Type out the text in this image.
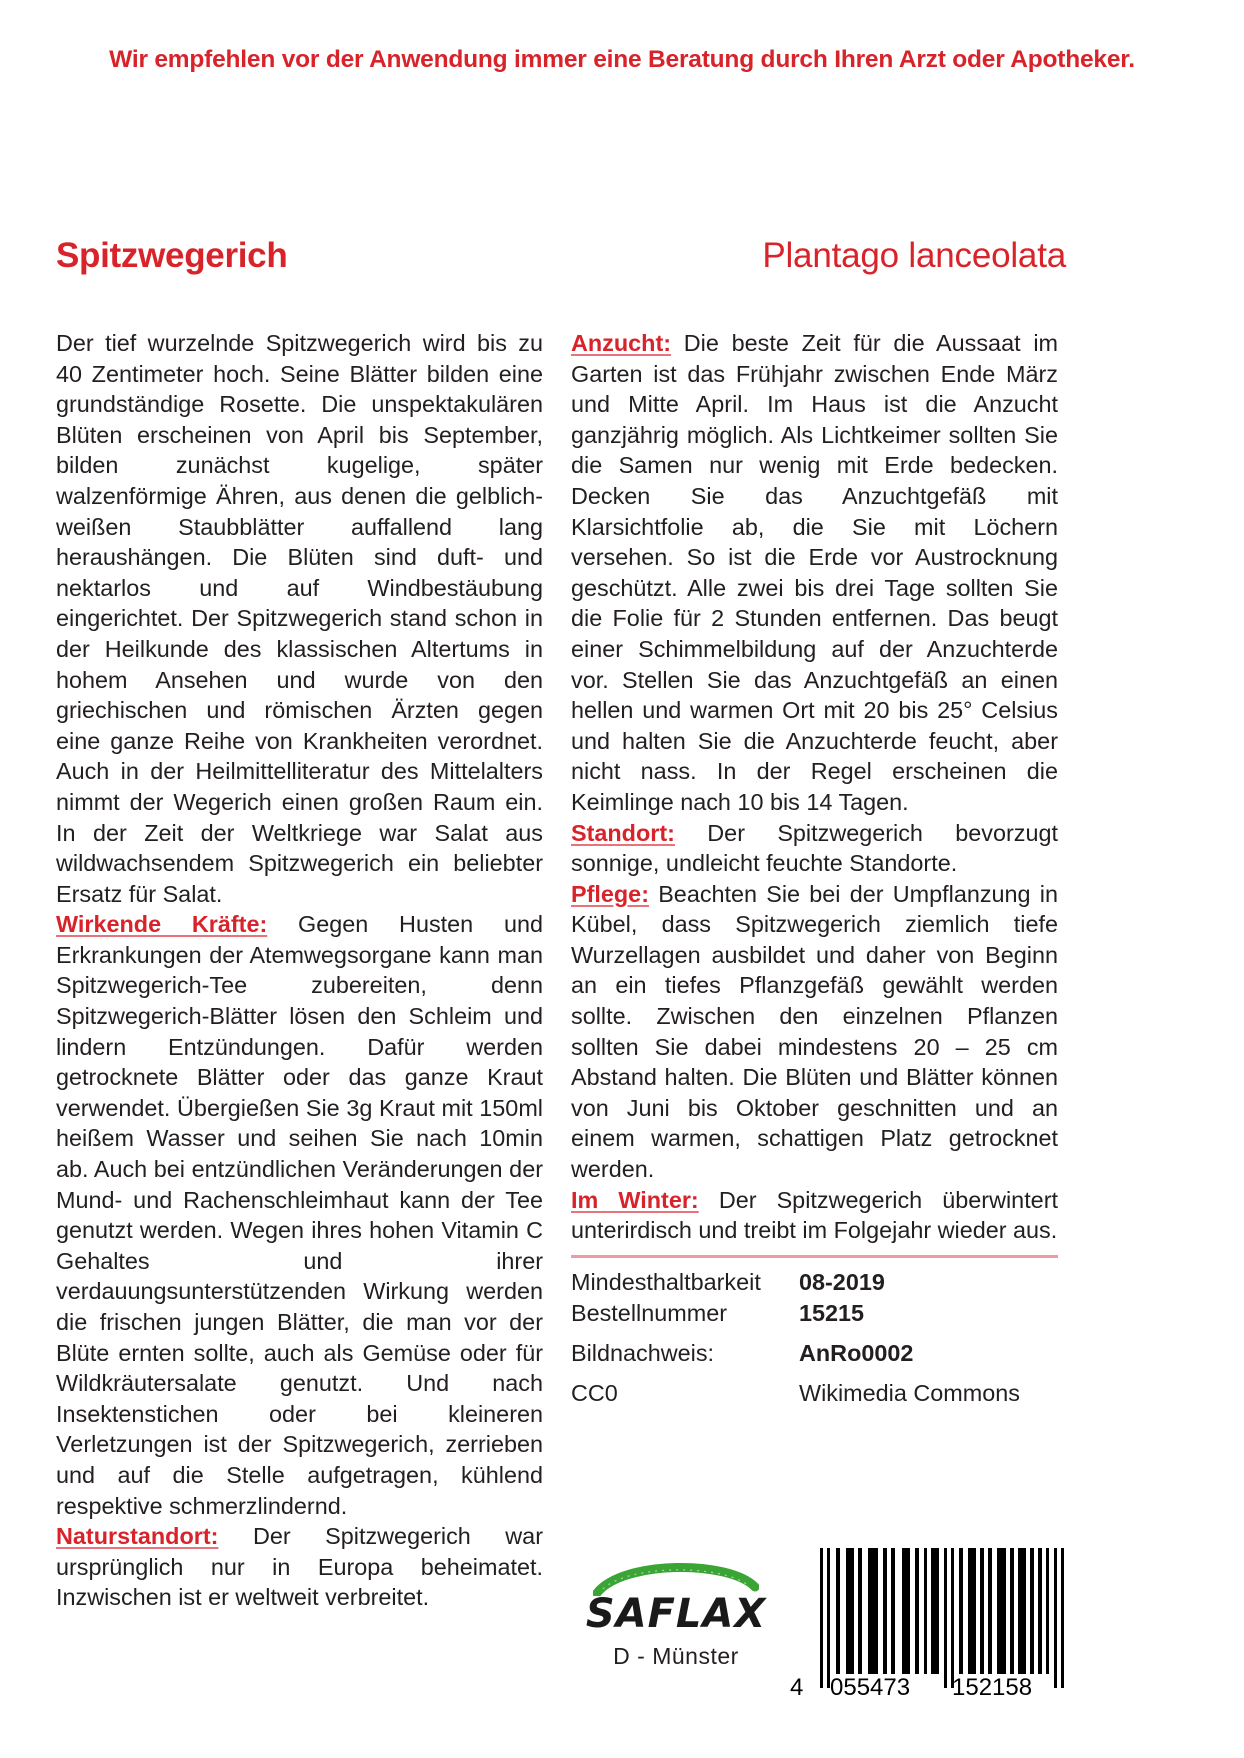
Wir empfehlen vor der Anwendung immer eine Beratung durch Ihren Arzt oder Apotheker.
Spitzwegerich	Plantago lanceolata

Der tief wurzelnde Spitzwegerich wird bis zu 40 Zentimeter hoch. Seine Blätter bilden eine grundständige Rosette. Die unspektakulären Blüten erscheinen von April bis September, bilden zunächst kugelige, später walzenförmige Ähren, aus denen die gelblich-weißen Staubblätter auffallend lang heraushängen. Die Blüten sind duft- und nektarlos und auf Windbestäubung eingerichtet. Der Spitzwegerich stand schon in der Heilkunde des klassischen Altertums in hohem Ansehen und wurde von den griechischen und römischen Ärzten gegen eine ganze Reihe von Krankheiten verordnet. Auch in der Heilmittelliteratur des Mittelalters nimmt der Wegerich einen großen Raum ein. In der Zeit der Weltkriege war Salat aus wildwachsendem Spitzwegerich ein beliebter Ersatz für Salat.

Wirkende Kräfte: Gegen Husten und Erkrankungen der Atemwegsorgane kann man Spitzwegerich-Tee zubereiten, denn Spitzwegerich-Blätter lösen den Schleim und lindern Entzündungen. Dafür werden getrocknete Blätter oder das ganze Kraut verwendet. Übergießen Sie 3g Kraut mit 150ml heißem Wasser und seihen Sie nach 10min ab. Auch bei entzündlichen Veränderungen der Mund- und Rachenschleimhaut kann der Tee genutzt werden. Wegen ihres hohen Vitamin C Gehaltes und ihrer verdauungsunterstützenden Wirkung werden die frischen jungen Blätter, die man vor der Blüte ernten sollte, auch als Gemüse oder für Wildkräutersalate genutzt. Und nach Insektenstichen oder bei kleineren Verletzungen ist der Spitzwegerich, zerrieben und auf die Stelle aufgetragen, kühlend respektive schmerzlindernd.

Naturstandort: Der Spitzwegerich war ursprünglich nur in Europa beheimatet. Inzwischen ist er weltweit verbreitet.

Anzucht: Die beste Zeit für die Aussaat im Garten ist das Frühjahr zwischen Ende März und Mitte April. Im Haus ist die Anzucht ganzjährig möglich. Als Lichtkeimer sollten Sie die Samen nur wenig mit Erde bedecken. Decken Sie das Anzuchtgefäß mit Klarsichtfolie ab, die Sie mit Löchern versehen. So ist die Erde vor Austrocknung geschützt. Alle zwei bis drei Tage sollten Sie die Folie für 2 Stunden entfernen. Das beugt einer Schimmelbildung auf der Anzuchterde vor. Stellen Sie das Anzuchtgefäß an einen hellen und warmen Ort mit 20 bis 25° Celsius und halten Sie die Anzuchterde feucht, aber nicht nass. In der Regel erscheinen die Keimlinge nach 10 bis 14 Tagen.

Standort: Der Spitzwegerich bevorzugt sonnige, undleicht feuchte Standorte.

Pflege: Beachten Sie bei der Umpflanzung in Kübel, dass Spitzwegerich ziemlich tiefe Wurzellagen ausbildet und daher von Beginn an ein tiefes Pflanzgefäß gewählt werden sollte. Zwischen den einzelnen Pflanzen sollten Sie dabei mindestens 20 – 25 cm Abstand halten. Die Blüten und Blätter können von Juni bis Oktober geschnitten und an einem warmen, schattigen Platz getrocknet werden.

Im Winter: Der Spitzwegerich überwintert unterirdisch und treibt im Folgejahr wieder aus.

Mindesthaltbarkeit	08-2019
Bestellnummer	15215
Bildnachweis:	AnRo0002
CC0	Wikimedia Commons
SAFLAX
D - Münster
4 055473 152158
